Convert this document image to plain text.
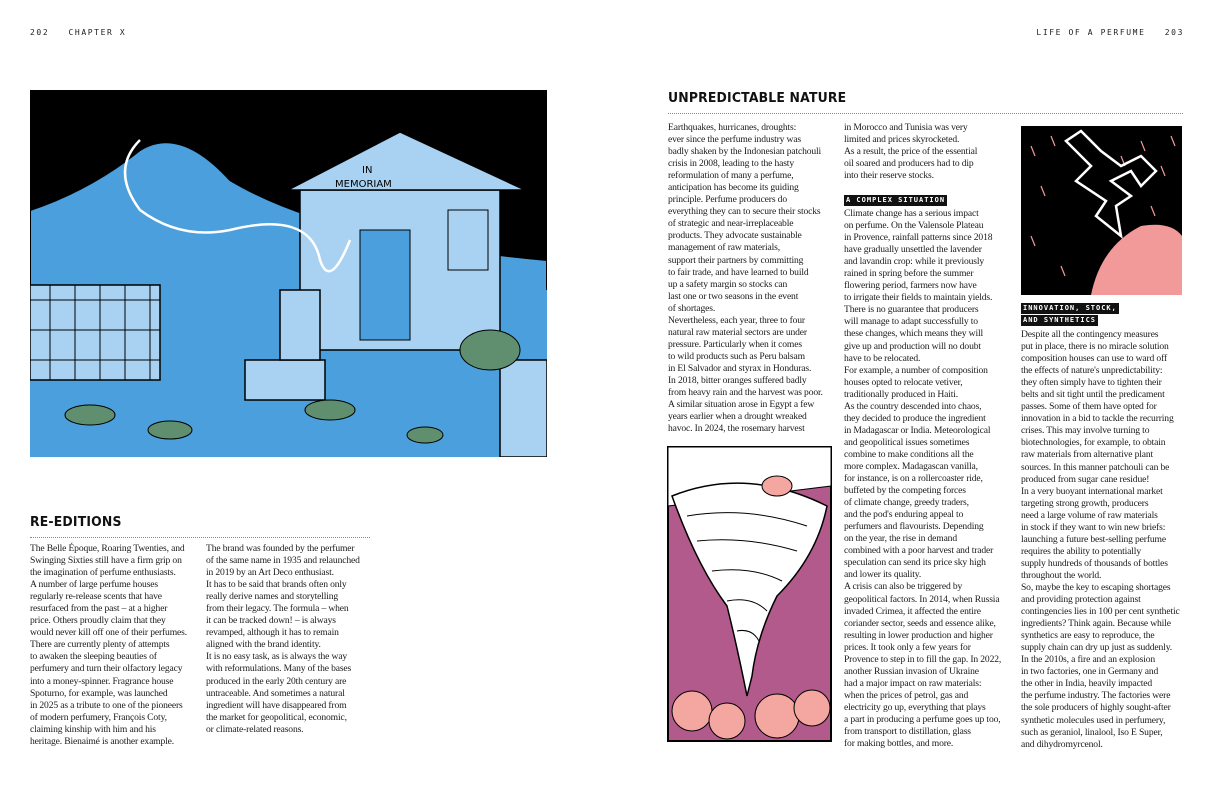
202 CHAPTER X
IN
MEMORIAM
RE-EDITIONS
The Belle Époque, Roaring Twenties, and
Swinging Sixties still have a firm grip on
the imagination of perfume enthusiasts.
A number of large perfume houses
regularly re-release scents that have
resurfaced from the past – at a higher
price. Others proudly claim that they
would never kill off one of their perfumes.
There are currently plenty of attempts
to awaken the sleeping beauties of
perfumery and turn their olfactory legacy
into a money-spinner. Fragrance house
Spoturno, for example, was launched
in 2025 as a tribute to one of the pioneers
of modern perfumery, François Coty,
claiming kinship with him and his
heritage. Bienaimé is another example.
The brand was founded by the perfumer
of the same name in 1935 and relaunched
in 2019 by an Art Deco enthusiast.
It has to be said that brands often only
really derive names and storytelling
from their legacy. The formula – when
it can be tracked down! – is always
revamped, although it has to remain
aligned with the brand identity.
It is no easy task, as is always the way
with reformulations. Many of the bases
produced in the early 20th century are
untraceable. And sometimes a natural
ingredient will have disappeared from
the market for geopolitical, economic,
or climate-related reasons.
LIFE OF A PERFUME 203
UNPREDICTABLE NATURE
Earthquakes, hurricanes, droughts:
ever since the perfume industry was
badly shaken by the Indonesian patchouli
crisis in 2008, leading to the hasty
reformulation of many a perfume,
anticipation has become its guiding
principle. Perfume producers do
everything they can to secure their stocks
of strategic and near-irreplaceable
products. They advocate sustainable
management of raw materials,
support their partners by committing
to fair trade, and have learned to build
up a safety margin so stocks can
last one or two seasons in the event
of shortages.
Nevertheless, each year, three to four
natural raw material sectors are under
pressure. Particularly when it comes
to wild products such as Peru balsam
in El Salvador and styrax in Honduras.
In 2018, bitter oranges suffered badly
from heavy rain and the harvest was poor.
A similar situation arose in Egypt a few
years earlier when a drought wreaked
havoc. In 2024, the rosemary harvest
in Morocco and Tunisia was very
limited and prices skyrocketed.
As a result, the price of the essential
oil soared and producers had to dip
into their reserve stocks.
A COMPLEX SITUATION
Climate change has a serious impact
on perfume. On the Valensole Plateau
in Provence, rainfall patterns since 2018
have gradually unsettled the lavender
and lavandin crop: while it previously
rained in spring before the summer
flowering period, farmers now have
to irrigate their fields to maintain yields.
There is no guarantee that producers
will manage to adapt successfully to
these changes, which means they will
give up and production will no doubt
have to be relocated.
For example, a number of composition
houses opted to relocate vetiver,
traditionally produced in Haiti.
As the country descended into chaos,
they decided to produce the ingredient
in Madagascar or India. Meteorological
and geopolitical issues sometimes
combine to make conditions all the
more complex. Madagascan vanilla,
for instance, is on a rollercoaster ride,
buffeted by the competing forces
of climate change, greedy traders,
and the pod's enduring appeal to
perfumers and flavourists. Depending
on the year, the rise in demand
combined with a poor harvest and trader
speculation can send its price sky high
and lower its quality.
A crisis can also be triggered by
geopolitical factors. In 2014, when Russia
invaded Crimea, it affected the entire
coriander sector, seeds and essence alike,
resulting in lower production and higher
prices. It took only a few years for
Provence to step in to fill the gap. In 2022,
another Russian invasion of Ukraine
had a major impact on raw materials:
when the prices of petrol, gas and
electricity go up, everything that plays
a part in producing a perfume goes up too,
from transport to distillation, glass
for making bottles, and more.
INNOVATION, STOCK,
AND SYNTHETICS
Despite all the contingency measures
put in place, there is no miracle solution
composition houses can use to ward off
the effects of nature's unpredictability:
they often simply have to tighten their
belts and sit tight until the predicament
passes. Some of them have opted for
innovation in a bid to tackle the recurring
crises. This may involve turning to
biotechnologies, for example, to obtain
raw materials from alternative plant
sources. In this manner patchouli can be
produced from sugar cane residue!
In a very buoyant international market
targeting strong growth, producers
need a large volume of raw materials
in stock if they want to win new briefs:
launching a future best-selling perfume
requires the ability to potentially
supply hundreds of thousands of bottles
throughout the world.
So, maybe the key to escaping shortages
and providing protection against
contingencies lies in 100 per cent synthetic
ingredients? Think again. Because while
synthetics are easy to reproduce, the
supply chain can dry up just as suddenly.
In the 2010s, a fire and an explosion
in two factories, one in Germany and
the other in India, heavily impacted
the perfume industry. The factories were
the sole producers of highly sought-after
synthetic molecules used in perfumery,
such as geraniol, linalool, Iso E Super,
and dihydromyrcenol.
